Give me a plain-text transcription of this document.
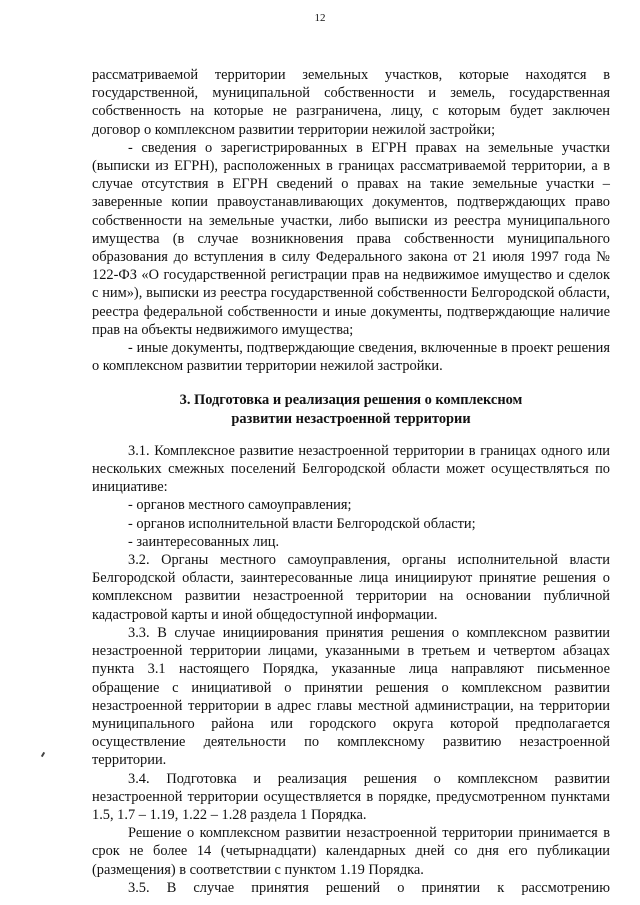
12

рассматриваемой территории земельных участков, которые находятся в государственной, муниципальной собственности и земель, государственная собственность на которые не разграничена, лицу, с которым будет заключен договор о комплексном развитии территории нежилой застройки;

- сведения о зарегистрированных в ЕГРН правах на земельные участки (выписки из ЕГРН), расположенных в границах рассматриваемой территории, а в случае отсутствия в ЕГРН сведений о правах на такие земельные участки – заверенные копии правоустанавливающих документов, подтверждающих право собственности на земельные участки, либо выписки из реестра муниципального имущества (в случае возникновения права собственности муниципального образования до вступления в силу Федерального закона от 21 июля 1997 года № 122-ФЗ «О государственной регистрации прав на недвижимое имущество и сделок с ним»), выписки из реестра государственной собственности Белгородской области, реестра федеральной собственности и иные документы, подтверждающие наличие прав на объекты недвижимого имущества;

- иные документы, подтверждающие сведения, включенные в проект решения о комплексном развитии территории нежилой застройки.

3. Подготовка и реализация решения о комплексном
развитии незастроенной территории

3.1. Комплексное развитие незастроенной территории в границах одного или нескольких смежных поселений Белгородской области может осуществляться по инициативе:

- органов местного самоуправления;

- органов исполнительной власти Белгородской области;

- заинтересованных лиц.

3.2. Органы местного самоуправления, органы исполнительной власти Белгородской области, заинтересованные лица инициируют принятие решения о комплексном развитии незастроенной территории на основании публичной кадастровой карты и иной общедоступной информации.

3.3. В случае инициирования принятия решения о комплексном развитии незастроенной территории лицами, указанными в третьем и четвертом абзацах пункта 3.1 настоящего Порядка, указанные лица направляют письменное обращение с инициативой о принятии решения о комплексном развитии незастроенной территории в адрес главы местной администрации, на территории муниципального района или городского округа которой предполагается осуществление деятельности по комплексному развитию незастроенной территории.

3.4. Подготовка и реализация решения о комплексном развитии незастроенной территории осуществляется в порядке, предусмотренном пунктами 1.5, 1.7 – 1.19, 1.22 – 1.28 раздела 1 Порядка.

Решение о комплексном развитии незастроенной территории принимается в срок не более 14 (четырнадцати) календарных дней со дня его публикации (размещения) в соответствии с пунктом 1.19 Порядка.

3.5. В случае принятия решений о принятии к рассмотрению
